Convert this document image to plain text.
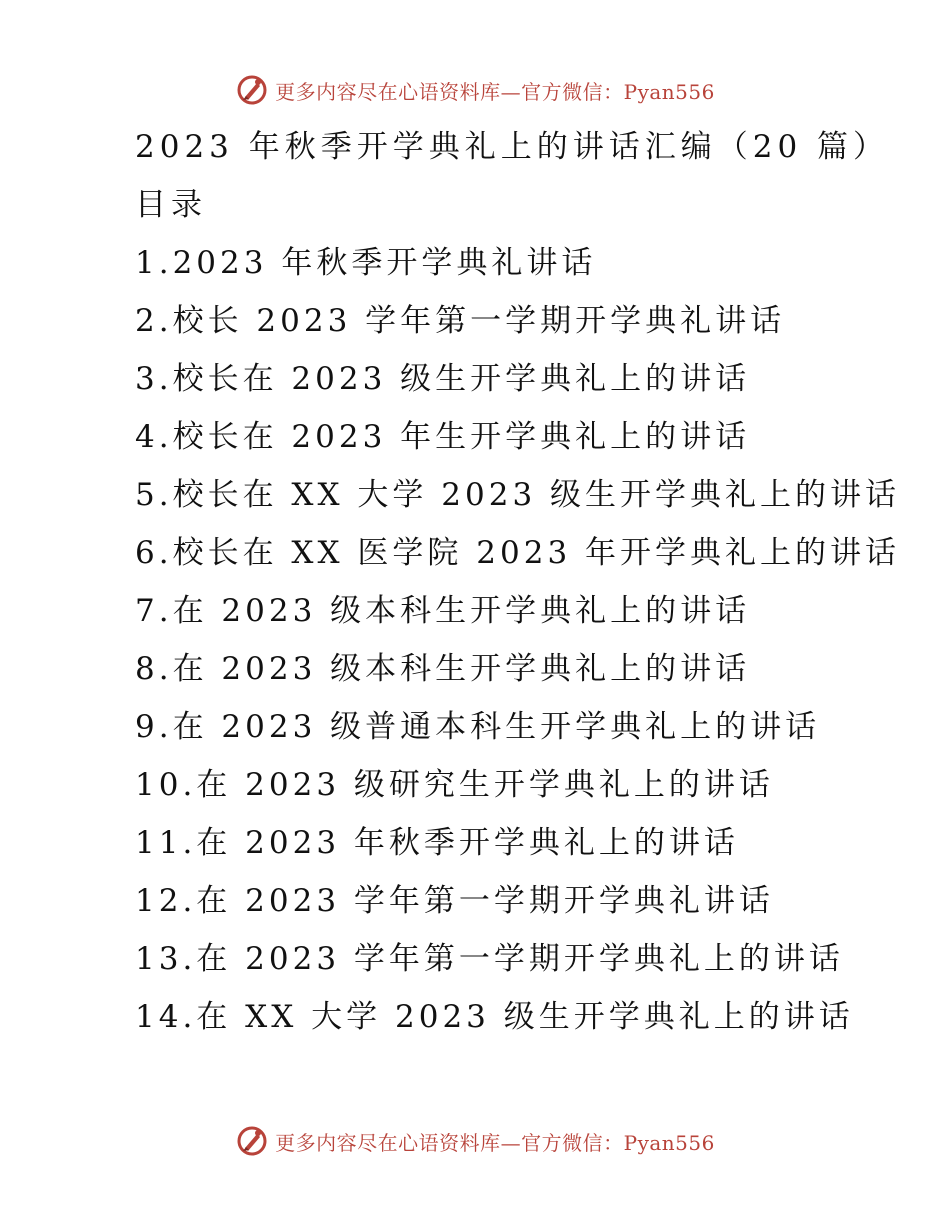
更多内容尽在心语资料库—官方微信：Pyan556
2023 年秋季开学典礼上的讲话汇编（20 篇）
目录
1.2023 年秋季开学典礼讲话
2.校长 2023 学年第一学期开学典礼讲话
3.校长在 2023 级生开学典礼上的讲话
4.校长在 2023 年生开学典礼上的讲话
5.校长在 XX 大学 2023 级生开学典礼上的讲话
6.校长在 XX 医学院 2023 年开学典礼上的讲话
7.在 2023 级本科生开学典礼上的讲话
8.在 2023 级本科生开学典礼上的讲话
9.在 2023 级普通本科生开学典礼上的讲话
10.在 2023 级研究生开学典礼上的讲话
11.在 2023 年秋季开学典礼上的讲话
12.在 2023 学年第一学期开学典礼讲话
13.在 2023 学年第一学期开学典礼上的讲话
14.在 XX 大学 2023 级生开学典礼上的讲话
更多内容尽在心语资料库—官方微信：Pyan556
